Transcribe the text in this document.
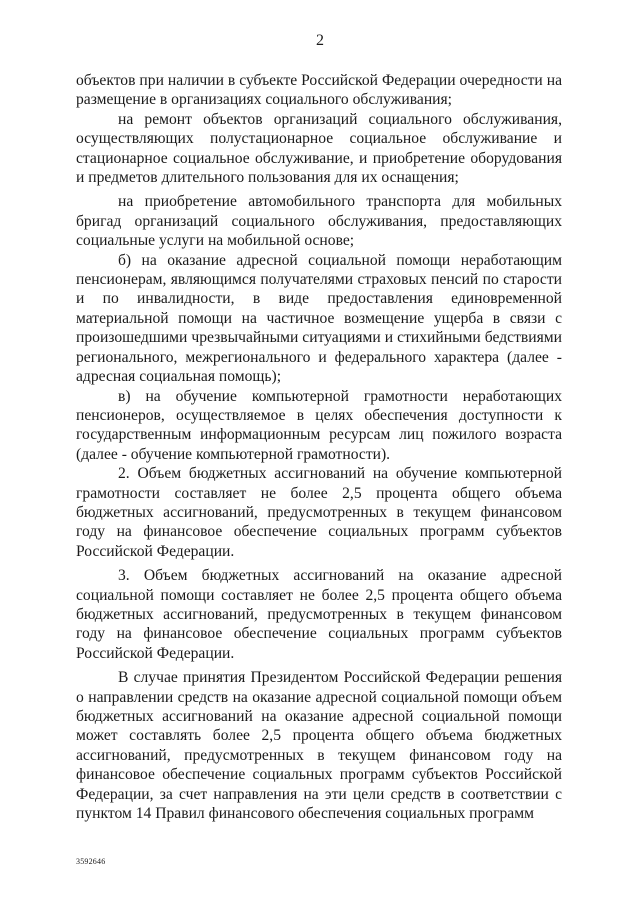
2

объектов при наличии в субъекте Российской Федерации очередности на размещение в организациях социального обслуживания;

на ремонт объектов организаций социального обслуживания, осуществляющих полустационарное социальное обслуживание и стационарное социальное обслуживание, и приобретение оборудования и предметов длительного пользования для их оснащения;

на приобретение автомобильного транспорта для мобильных бригад организаций социального обслуживания, предоставляющих социальные услуги на мобильной основе;

б) на оказание адресной социальной помощи неработающим пенсионерам, являющимся получателями страховых пенсий по старости и по инвалидности, в виде предоставления единовременной материальной помощи на частичное возмещение ущерба в связи с произошедшими чрезвычайными ситуациями и стихийными бедствиями регионального, межрегионального и федерального характера (далее - адресная социальная помощь);

в) на обучение компьютерной грамотности неработающих пенсионеров, осуществляемое в целях обеспечения доступности к государственным информационным ресурсам лиц пожилого возраста (далее - обучение компьютерной грамотности).

2. Объем бюджетных ассигнований на обучение компьютерной грамотности составляет не более 2,5 процента общего объема бюджетных ассигнований, предусмотренных в текущем финансовом году на финансовое обеспечение социальных программ субъектов Российской Федерации.

3. Объем бюджетных ассигнований на оказание адресной социальной помощи составляет не более 2,5 процента общего объема бюджетных ассигнований, предусмотренных в текущем финансовом году на финансовое обеспечение социальных программ субъектов Российской Федерации.

В случае принятия Президентом Российской Федерации решения о направлении средств на оказание адресной социальной помощи объем бюджетных ассигнований на оказание адресной социальной помощи может составлять более 2,5 процента общего объема бюджетных ассигнований, предусмотренных в текущем финансовом году на финансовое обеспечение социальных программ субъектов Российской Федерации, за счет направления на эти цели средств в соответствии с пунктом 14 Правил финансового обеспечения социальных программ

3592646
